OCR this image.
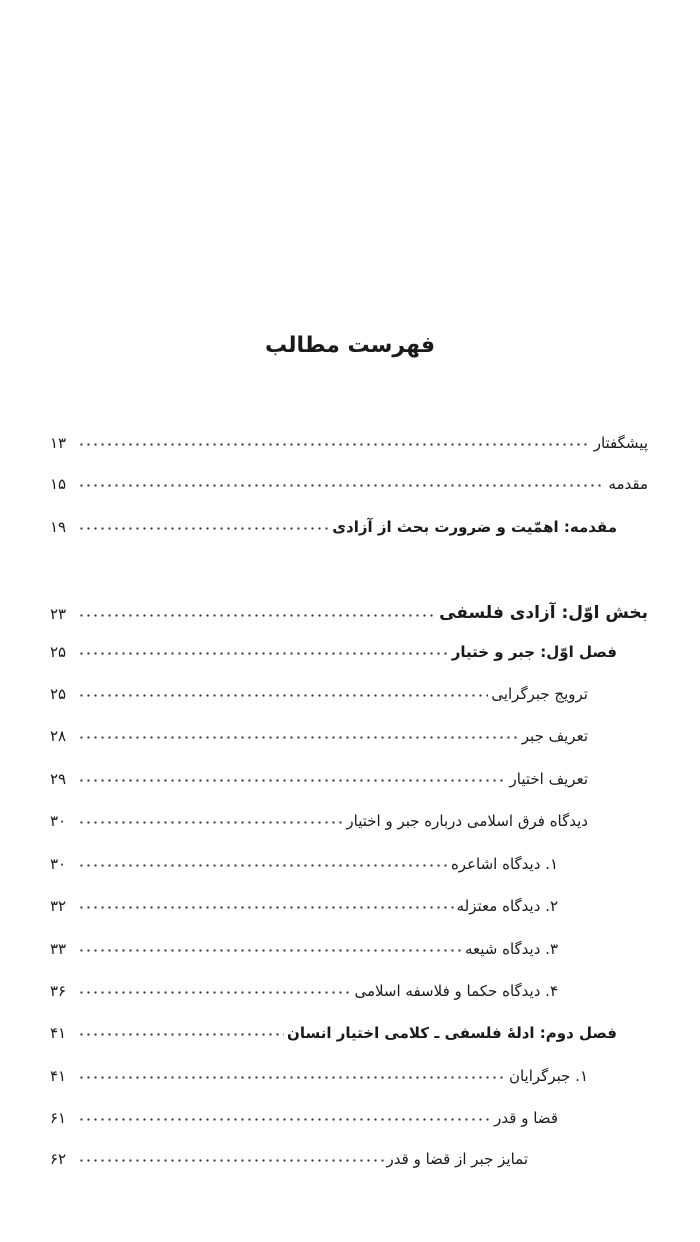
فهرست مطالب
پیشگفتار
۱۳
مقدمه
۱۵
مقدمه: اهمّیت و ضرورت بحث از آزادی
۱۹
بخش اوّل: آزادی فلسفی
۲۳
فصل اوّل: جبر و ختیار
۲۵
ترویج جبرگرایی
۲۵
تعریف جبر
۲۸
تعریف اختیار
۲۹
دیدگاه فرق اسلامی درباره جبر و اختیار
۳۰
۱. دیدگاه اشاعره
۳۰
۲. دیدگاه معتزله
۳۲
۳. دیدگاه شیعه
۳۳
۴. دیدگاه حکما و فلاسفه اسلامی
۳۶
فصل دوم: ادلهٔ فلسفی ـ کلامی اختیار انسان
۴۱
۱. جبرگرایان
۴۱
قضا و قدر
۶۱
تمایز جبر از قضا و قدر
۶۲
